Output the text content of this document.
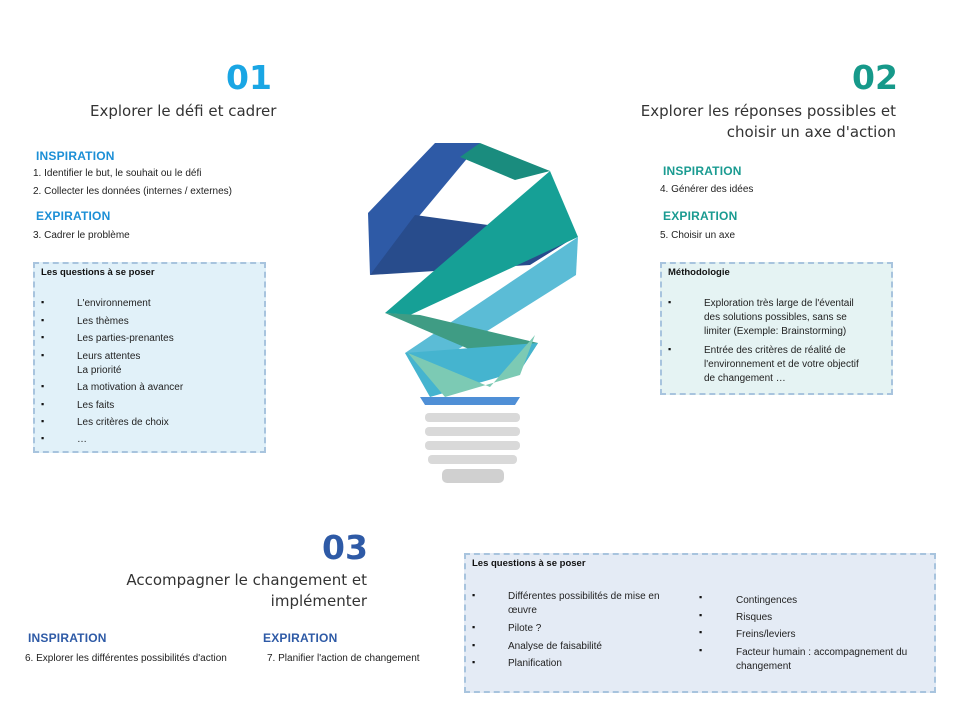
01
Explorer le défi et cadrer
INSPIRATION
1. Identifier le but, le souhait ou le défi
2. Collecter les données (internes / externes)
EXPIRATION
3. Cadrer le problème
Les questions à se poser
▪	L'environnement
▪	Les thèmes
▪	Les parties-prenantes
▪	Leurs attentes
La priorité
▪	La motivation à avancer
▪	Les faits
▪	Les critères de choix
▪	…
02
Explorer les réponses possibles et
choisir un axe d'action
INSPIRATION
4. Générer des idées
EXPIRATION
5. Choisir un axe
Méthodologie
▪	Exploration très large de l'éventail
des solutions possibles, sans se
limiter (Exemple: Brainstorming)
▪	Entrée des critères de réalité de
l'environnement et de votre objectif
de changement …
03
Accompagner le changement et
implémenter
INSPIRATION
6. Explorer les différentes possibilités d'action
EXPIRATION
7. Planifier l'action de changement
Les questions à se poser
▪	Différentes possibilités de mise en
œuvre
▪	Pilote ?
▪	Analyse de faisabilité
▪	Planification
▪	Contingences
▪	Risques
▪	Freins/leviers
▪	Facteur humain : accompagnement du
changement
